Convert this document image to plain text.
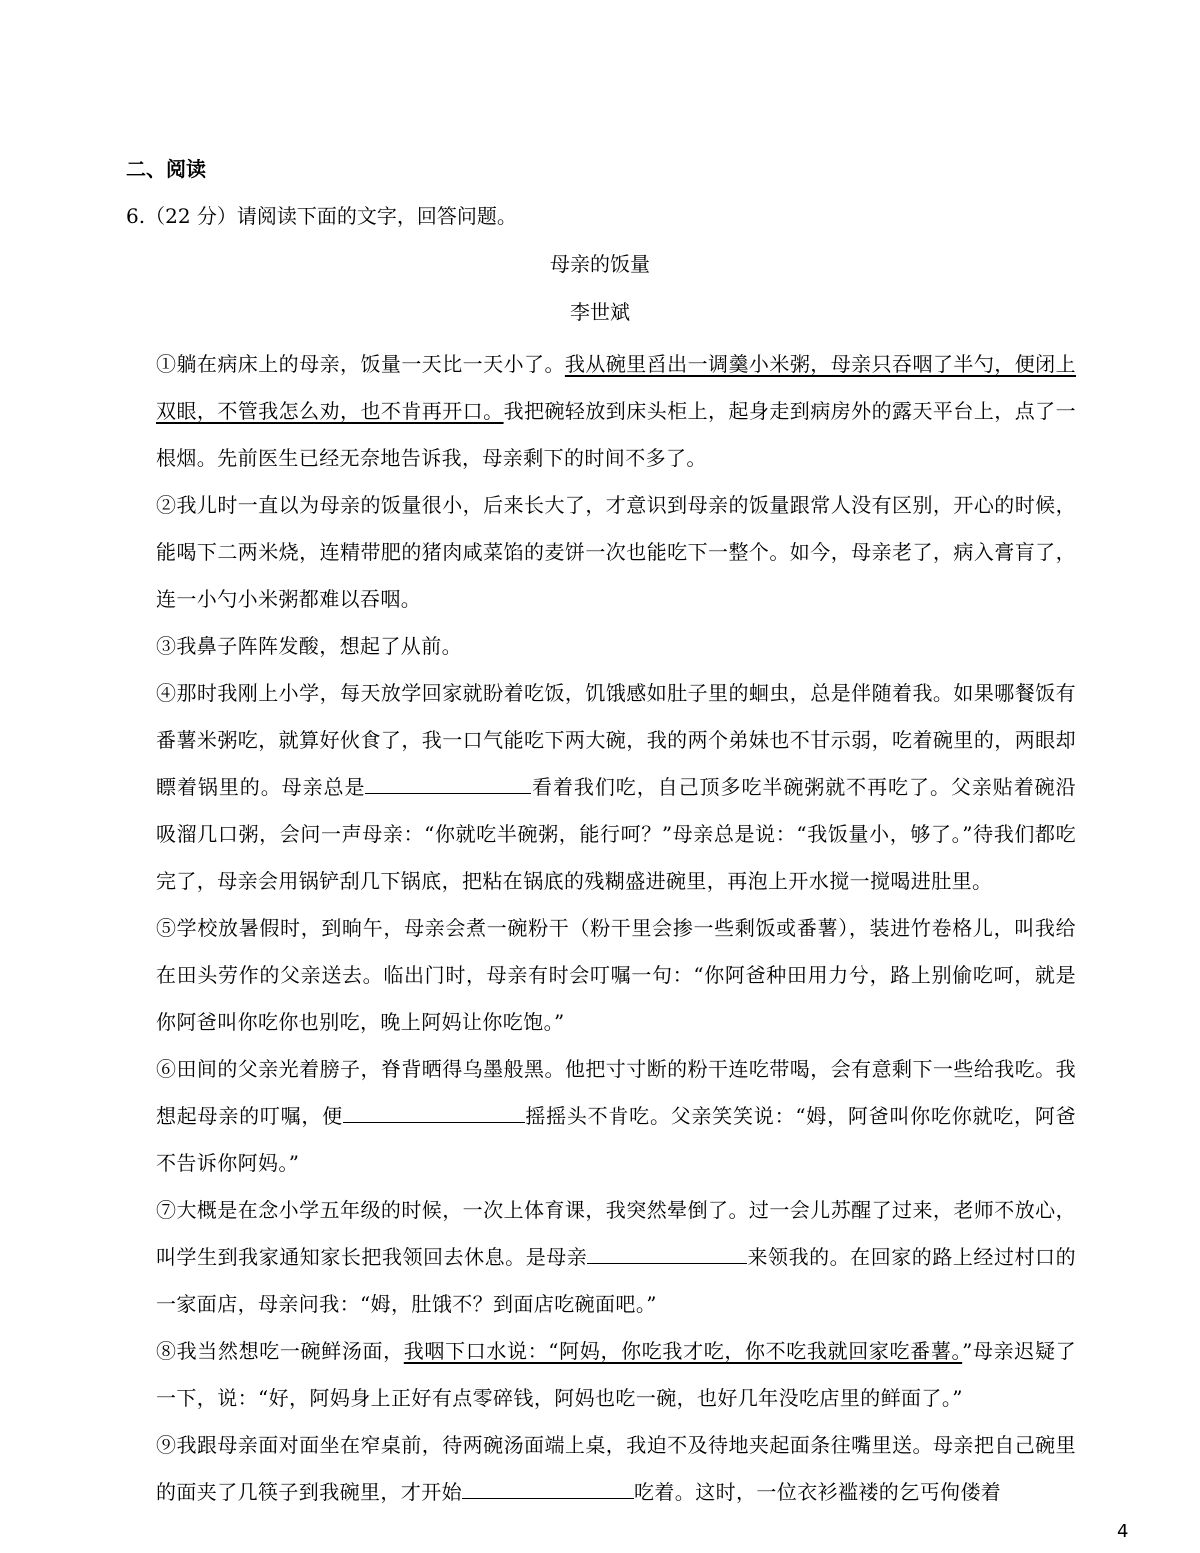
二、阅读
6.（22 分）请阅读下面的文字，回答问题。
母亲的饭量
李世斌

①躺在病床上的母亲，饭量一天比一天小了。我从碗里舀出一调羹小米粥，母亲只吞咽了半勺，便闭上双眼，不管我怎么劝，也不肯再开口。我把碗轻放到床头柜上，起身走到病房外的露天平台上，点了一根烟。先前医生已经无奈地告诉我，母亲剩下的时间不多了。

②我儿时一直以为母亲的饭量很小，后来长大了，才意识到母亲的饭量跟常人没有区别，开心的时候，能喝下二两米烧，连精带肥的猪肉咸菜馅的麦饼一次也能吃下一整个。如今，母亲老了，病入膏肓了，连一小勺小米粥都难以吞咽。

③我鼻子阵阵发酸，想起了从前。

④那时我刚上小学，每天放学回家就盼着吃饭，饥饿感如肚子里的蛔虫，总是伴随着我。如果哪餐饭有番薯米粥吃，就算好伙食了，我一口气能吃下两大碗，我的两个弟妹也不甘示弱，吃着碗里的，两眼却瞟着锅里的。母亲总是	看着我们吃，自己顶多吃半碗粥就不再吃了。父亲贴着碗沿吸溜几口粥，会问一声母亲：“你就吃半碗粥，能行呵？”母亲总是说：“我饭量小，够了。”待我们都吃完了，母亲会用锅铲刮几下锅底，把粘在锅底的残糊盛进碗里，再泡上开水搅一搅喝进肚里。

⑤学校放暑假时，到晌午，母亲会煮一碗粉干（粉干里会掺一些剩饭或番薯），装进竹卷格儿，叫我给在田头劳作的父亲送去。临出门时，母亲有时会叮嘱一句：“你阿爸种田用力兮，路上别偷吃呵，就是你阿爸叫你吃你也别吃，晚上阿妈让你吃饱。”

⑥田间的父亲光着膀子，脊背晒得乌墨般黑。他把寸寸断的粉干连吃带喝，会有意剩下一些给我吃。我想起母亲的叮嘱，便	摇摇头不肯吃。父亲笑笑说：“姆，阿爸叫你吃你就吃，阿爸不告诉你阿妈。”

⑦大概是在念小学五年级的时候，一次上体育课，我突然晕倒了。过一会儿苏醒了过来，老师不放心，叫学生到我家通知家长把我领回去休息。是母亲	来领我的。在回家的路上经过村口的一家面店，母亲问我：“姆，肚饿不？到面店吃碗面吧。”

⑧我当然想吃一碗鲜汤面，我咽下口水说：“阿妈，你吃我才吃，你不吃我就回家吃番薯。”母亲迟疑了一下，说：“好，阿妈身上正好有点零碎钱，阿妈也吃一碗，也好几年没吃店里的鲜面了。”

⑨我跟母亲面对面坐在窄桌前，待两碗汤面端上桌，我迫不及待地夹起面条往嘴里送。母亲把自己碗里的面夹了几筷子到我碗里，才开始	吃着。这时，一位衣衫褴褛的乞丐佝偻着

4
